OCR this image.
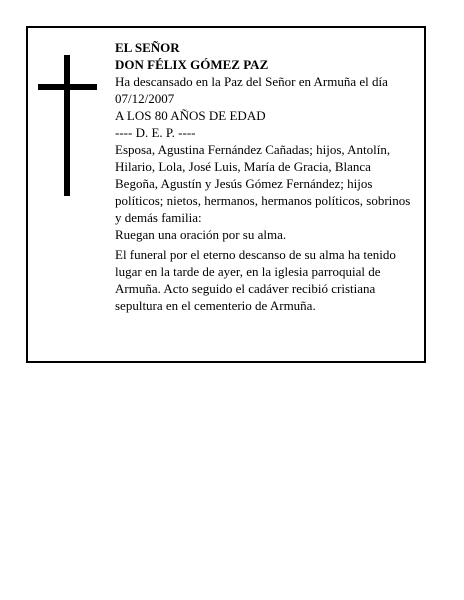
EL SEÑOR

DON FÉLIX GÓMEZ PAZ

Ha descansado en la Paz del Señor en Armuña el día 07/12/2007

A LOS 80 AÑOS DE EDAD

---- D. E. P. ----

Esposa, Agustina Fernández Cañadas; hijos, Antolín, Hilario, Lola, José Luis, María de Gracia, Blanca Begoña, Agustín y Jesús Gómez Fernández; hijos políticos; nietos, hermanos, hermanos políticos, sobrinos y demás familia:

Ruegan una oración por su alma.

El funeral por el eterno descanso de su alma ha tenido lugar en la tarde de ayer, en la iglesia parroquial de Armuña. Acto seguido el cadáver recibió cristiana sepultura en el cementerio de Armuña.
